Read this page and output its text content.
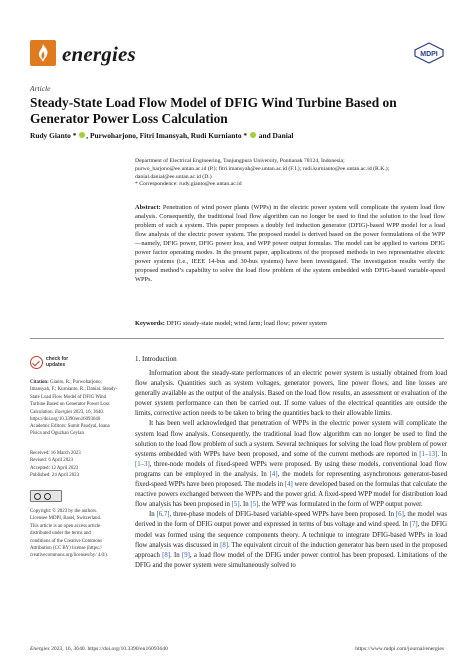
energies	MDPI
Article
Steady-State Load Flow Model of DFIG Wind Turbine Based on Generator Power Loss Calculation
Rudy Gianto * , Purwoharjono, Fitri Imansyah, Rudi Kurnianto * and Danial
Department of Electrical Engineering, Tanjungpura University, Pontianak 78124, Indonesia;
purwo_harjono@ee.untan.ac.id (P.); fitri.imansyah@ee.untan.ac.id (F.I.); rudi.kurnianto@ee.untan.ac.id (R.K.);
danial.danial@ee.untan.ac.id (D.)
* Correspondence: rudy.gianto@ee.untan.ac.id
Abstract: Penetration of wind power plants (WPPs) in the electric power system will complicate the system load flow analysis. Consequently, the traditional load flow algorithm can no longer be used to find the solution to the load flow problem of such a system. This paper proposes a doubly fed induction generator (DFIG)-based WPP model for a load flow analysis of the electric power system. The proposed model is derived based on the power formulations of the WPP—namely, DFIG power, DFIG power loss, and WPP power output formulas. The model can be applied to various DFIG power factor operating modes. In the present paper, applications of the proposed methods in two representative electric power systems (i.e., IEEE 14-bus and 30-bus systems) have been investigated. The investigation results verify the proposed method’s capability to solve the load flow problem of the system embedded with DFIG-based variable-speed WPPs.
Keywords: DFIG steady-state model; wind farm; load flow; power system
check for
updates
Citation: Gianto, R.; Purwoharjono; Imansyah, F.; Kurnianto, R.; Danial. Steady-State Load Flow Model of DFIG Wind Turbine Based on Generator Power Loss Calculation. Energies 2023, 16, 3640. https://doi.org/10.3390/en16093640
Academic Editors: Sumit Paudyal, Ioana Pisica and Oguzhan Ceylan
Received: 16 March 2023
Revised: 6 April 2023
Accepted: 12 April 2023
Published: 24 April 2023
Copyright: © 2023 by the authors. Licensee MDPI, Basel, Switzerland. This article is an open access article distributed under the terms and conditions of the Creative Commons Attribution (CC BY) license (https:// creativecommons.org/licenses/by/ 4.0/).
1. Introduction

Information about the steady-state performances of an electric power system is usually obtained from load flow analysis. Quantities such as system voltages, generator powers, line power flows, and line losses are generally available as the output of the analysis. Based on the load flow results, an assessment or evaluation of the power system performance can then be carried out. If some values of the electrical quantities are outside the limits, corrective action needs to be taken to bring the quantities back to their allowable limits.

It has been well acknowledged that penetration of WPPs in the electric power system will complicate the system load flow analysis. Consequently, the traditional load flow algorithm can no longer be used to find the solution to the load flow problem of such a system. Several techniques for solving the load flow problem of power systems embedded with WPPs have been proposed, and some of the current methods are reported in [1–13]. In [1–3], three-node models of fixed-speed WPPs were proposed. By using these models, conventional load flow programs can be employed in the analysis. In [4], the models for representing asynchronous generator-based fixed-speed WPPs have been proposed. The models in [4] were developed based on the formulas that calculate the reactive powers exchanged between the WPPs and the power grid. A fixed-speed WPP model for distribution load flow analysis has been proposed in [5]. In [5], the WPP was formulated in the form of WPP output power.

In [6,7], three-phase models of DFIG-based variable-speed WPPs have been proposed. In [6], the model was derived in the form of DFIG output power and expressed in terms of bus voltage and wind speed. In [7], the DFIG model was formed using the sequence components theory. A technique to integrate DFIG-based WPPs in load flow analysis was discussed in [8]. The equivalent circuit of the induction generator has been used in the proposed approach [8]. In [9], a load flow model of the DFIG under power control has been proposed. Limitations of the DFIG and the power system were simultaneously solved to

Energies 2023, 16, 3640. https://doi.org/10.3390/en16093640	https://www.mdpi.com/journal/energies
